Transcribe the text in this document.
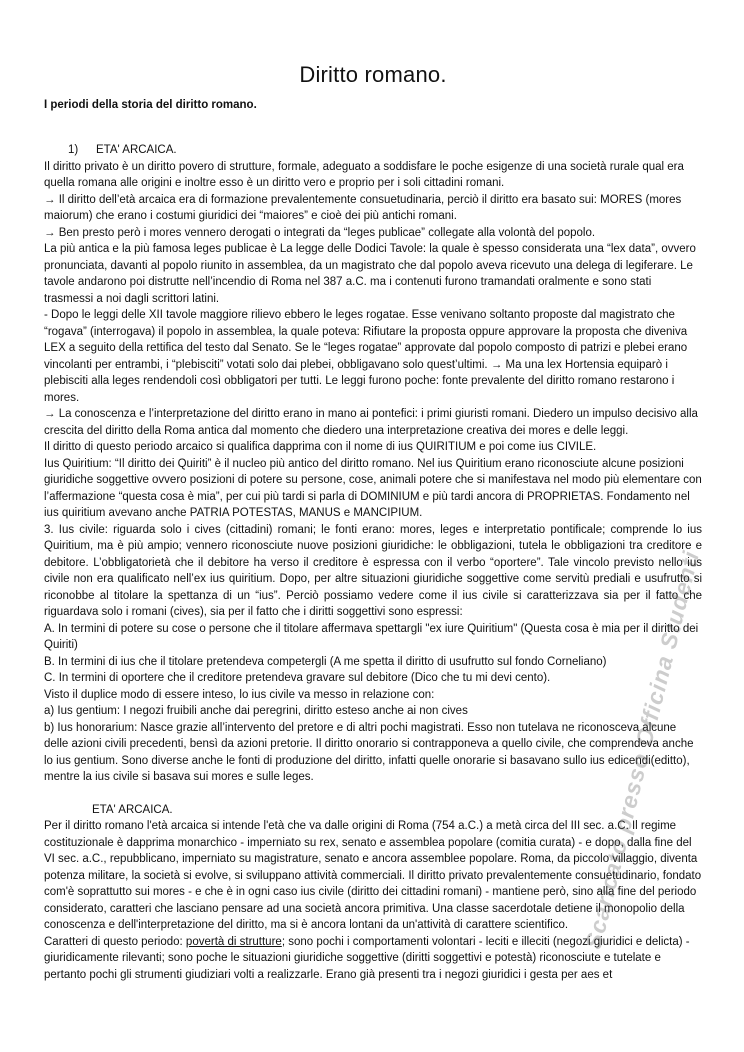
Diritto romano.

I periodi della storia del diritto romano.

1) ETA' ARCAICA.

Il diritto privato è un diritto povero di strutture, formale, adeguato a soddisfare le poche esigenze di una società rurale qual era quella romana alle origini e inoltre esso è un diritto vero e proprio per i soli cittadini romani.

→ Il diritto dell’età arcaica era di formazione prevalentemente consuetudinaria, perciò il diritto era basato sui: MORES (mores maiorum) che erano i costumi giuridici dei “maiores” e cioè dei più antichi romani.

→ Ben presto però i mores vennero derogati o integrati da “leges publicae” collegate alla volontà del popolo.

La più antica e la più famosa leges publicae è La legge delle Dodici Tavole: la quale è spesso considerata una “lex data”, ovvero pronunciata, davanti al popolo riunito in assemblea, da un magistrato che dal popolo aveva ricevuto una delega di legiferare. Le tavole andarono poi distrutte nell’incendio di Roma nel 387 a.C. ma i contenuti furono tramandati oralmente e sono stati trasmessi a noi dagli scrittori latini.

- Dopo le leggi delle XII tavole maggiore rilievo ebbero le leges rogatae. Esse venivano soltanto proposte dal magistrato che “rogava” (interrogava) il popolo in assemblea, la quale poteva: Rifiutare la proposta oppure approvare la proposta che diveniva LEX a seguito della rettifica del testo dal Senato. Se le “leges rogatae” approvate dal popolo composto di patrizi e plebei erano vincolanti per entrambi, i “plebisciti” votati solo dai plebei, obbligavano solo quest’ultimi. → Ma una lex Hortensia equiparò i plebisciti alla leges rendendoli così obbligatori per tutti. Le leggi furono poche: fonte prevalente del diritto romano restarono i mores.

→ La conoscenza e l’interpretazione del diritto erano in mano ai pontefici: i primi giuristi romani. Diedero un impulso decisivo alla crescita del diritto della Roma antica dal momento che diedero una interpretazione creativa dei mores e delle leggi.

Il diritto di questo periodo arcaico si qualifica dapprima con il nome di ius QUIRITIUM e poi come ius CIVILE.

Ius Quiritium: “Il diritto dei Quiriti” è il nucleo più antico del diritto romano. Nel ius Quiritium erano riconosciute alcune posizioni giuridiche soggettive ovvero posizioni di potere su persone, cose, animali potere che si manifestava nel modo più elementare con l’affermazione “questa cosa è mia”, per cui più tardi si parla di DOMINIUM e più tardi ancora di PROPRIETAS. Fondamento nel ius quiritium avevano anche PATRIA POTESTAS, MANUS e MANCIPIUM.

3. Ius civile: riguarda solo i cives (cittadini) romani; le fonti erano: mores, leges e interpretatio pontificale; comprende lo ius Quiritium, ma è più ampio; vennero riconosciute nuove posizioni giuridiche: le obbligazioni, tutela le obbligazioni tra creditore e debitore. L’obbligatorietà che il debitore ha verso il creditore è espressa con il verbo “oportere”. Tale vincolo previsto nello ius civile non era qualificato nell’ex ius quiritium. Dopo, per altre situazioni giuridiche soggettive come servitù prediali e usufrutto si riconobbe al titolare la spettanza di un “ius”. Perciò possiamo vedere come il ius civile si caratterizzava sia per il fatto che riguardava solo i romani (cives), sia per il fatto che i diritti soggettivi sono espressi:

A. In termini di potere su cose o persone che il titolare affermava spettargli "ex iure Quiritium" (Questa cosa è mia per il diritto dei Quiriti)

B. In termini di ius che il titolare pretendeva competergli (A me spetta il diritto di usufrutto sul fondo Corneliano)

C. In termini di oportere che il creditore pretendeva gravare sul debitore (Dico che tu mi devi cento).

Visto il duplice modo di essere inteso, lo ius civile va messo in relazione con:

a) Ius gentium: I negozi fruibili anche dai peregrini, diritto esteso anche ai non cives

b) Ius honorarium: Nasce grazie all’intervento del pretore e di altri pochi magistrati. Esso non tutelava ne riconosceva alcune delle azioni civili precedenti, bensì da azioni pretorie. Il diritto onorario si contrapponeva a quello civile, che comprendeva anche lo ius gentium. Sono diverse anche le fonti di produzione del diritto, infatti quelle onorarie si basavano sullo ius edicendi(editto), mentre la ius civile si basava sui mores e sulle leges.

ETA' ARCAICA.

Per il diritto romano l'età arcaica si intende l'età che va dalle origini di Roma (754 a.C.) a metà circa del III sec. a.C. Il regime costituzionale è dapprima monarchico - imperniato su rex, senato e assemblea popolare (comitia curata) - e dopo, dalla fine del VI sec. a.C., repubblicano, imperniato su magistrature, senato e ancora assemblee popolare. Roma, da piccolo villaggio, diventa potenza militare, la società si evolve, si sviluppano attività commerciali. Il diritto privato prevalentemente consuetudinario, fondato com'è soprattutto sui mores - e che è in ogni caso ius civile (diritto dei cittadini romani) - mantiene però, sino alla fine del periodo considerato, caratteri che lasciano pensare ad una società ancora primitiva. Una classe sacerdotale detiene il monopolio della conoscenza e dell'interpretazione del diritto, ma si è ancora lontani da un'attività di carattere scientifico.

Caratteri di questo periodo: povertà di strutture; sono pochi i comportamenti volontari - leciti e illeciti (negozi giuridici e delicta) - giuridicamente rilevanti; sono poche le situazioni giuridiche soggettive (diritti soggettivi e potestà) riconosciute e tutelate e pertanto pochi gli strumenti giudiziari volti a realizzarle. Erano già presenti tra i negozi giuridici i gesta per aes et

Scaricato presso Officina Studenti
